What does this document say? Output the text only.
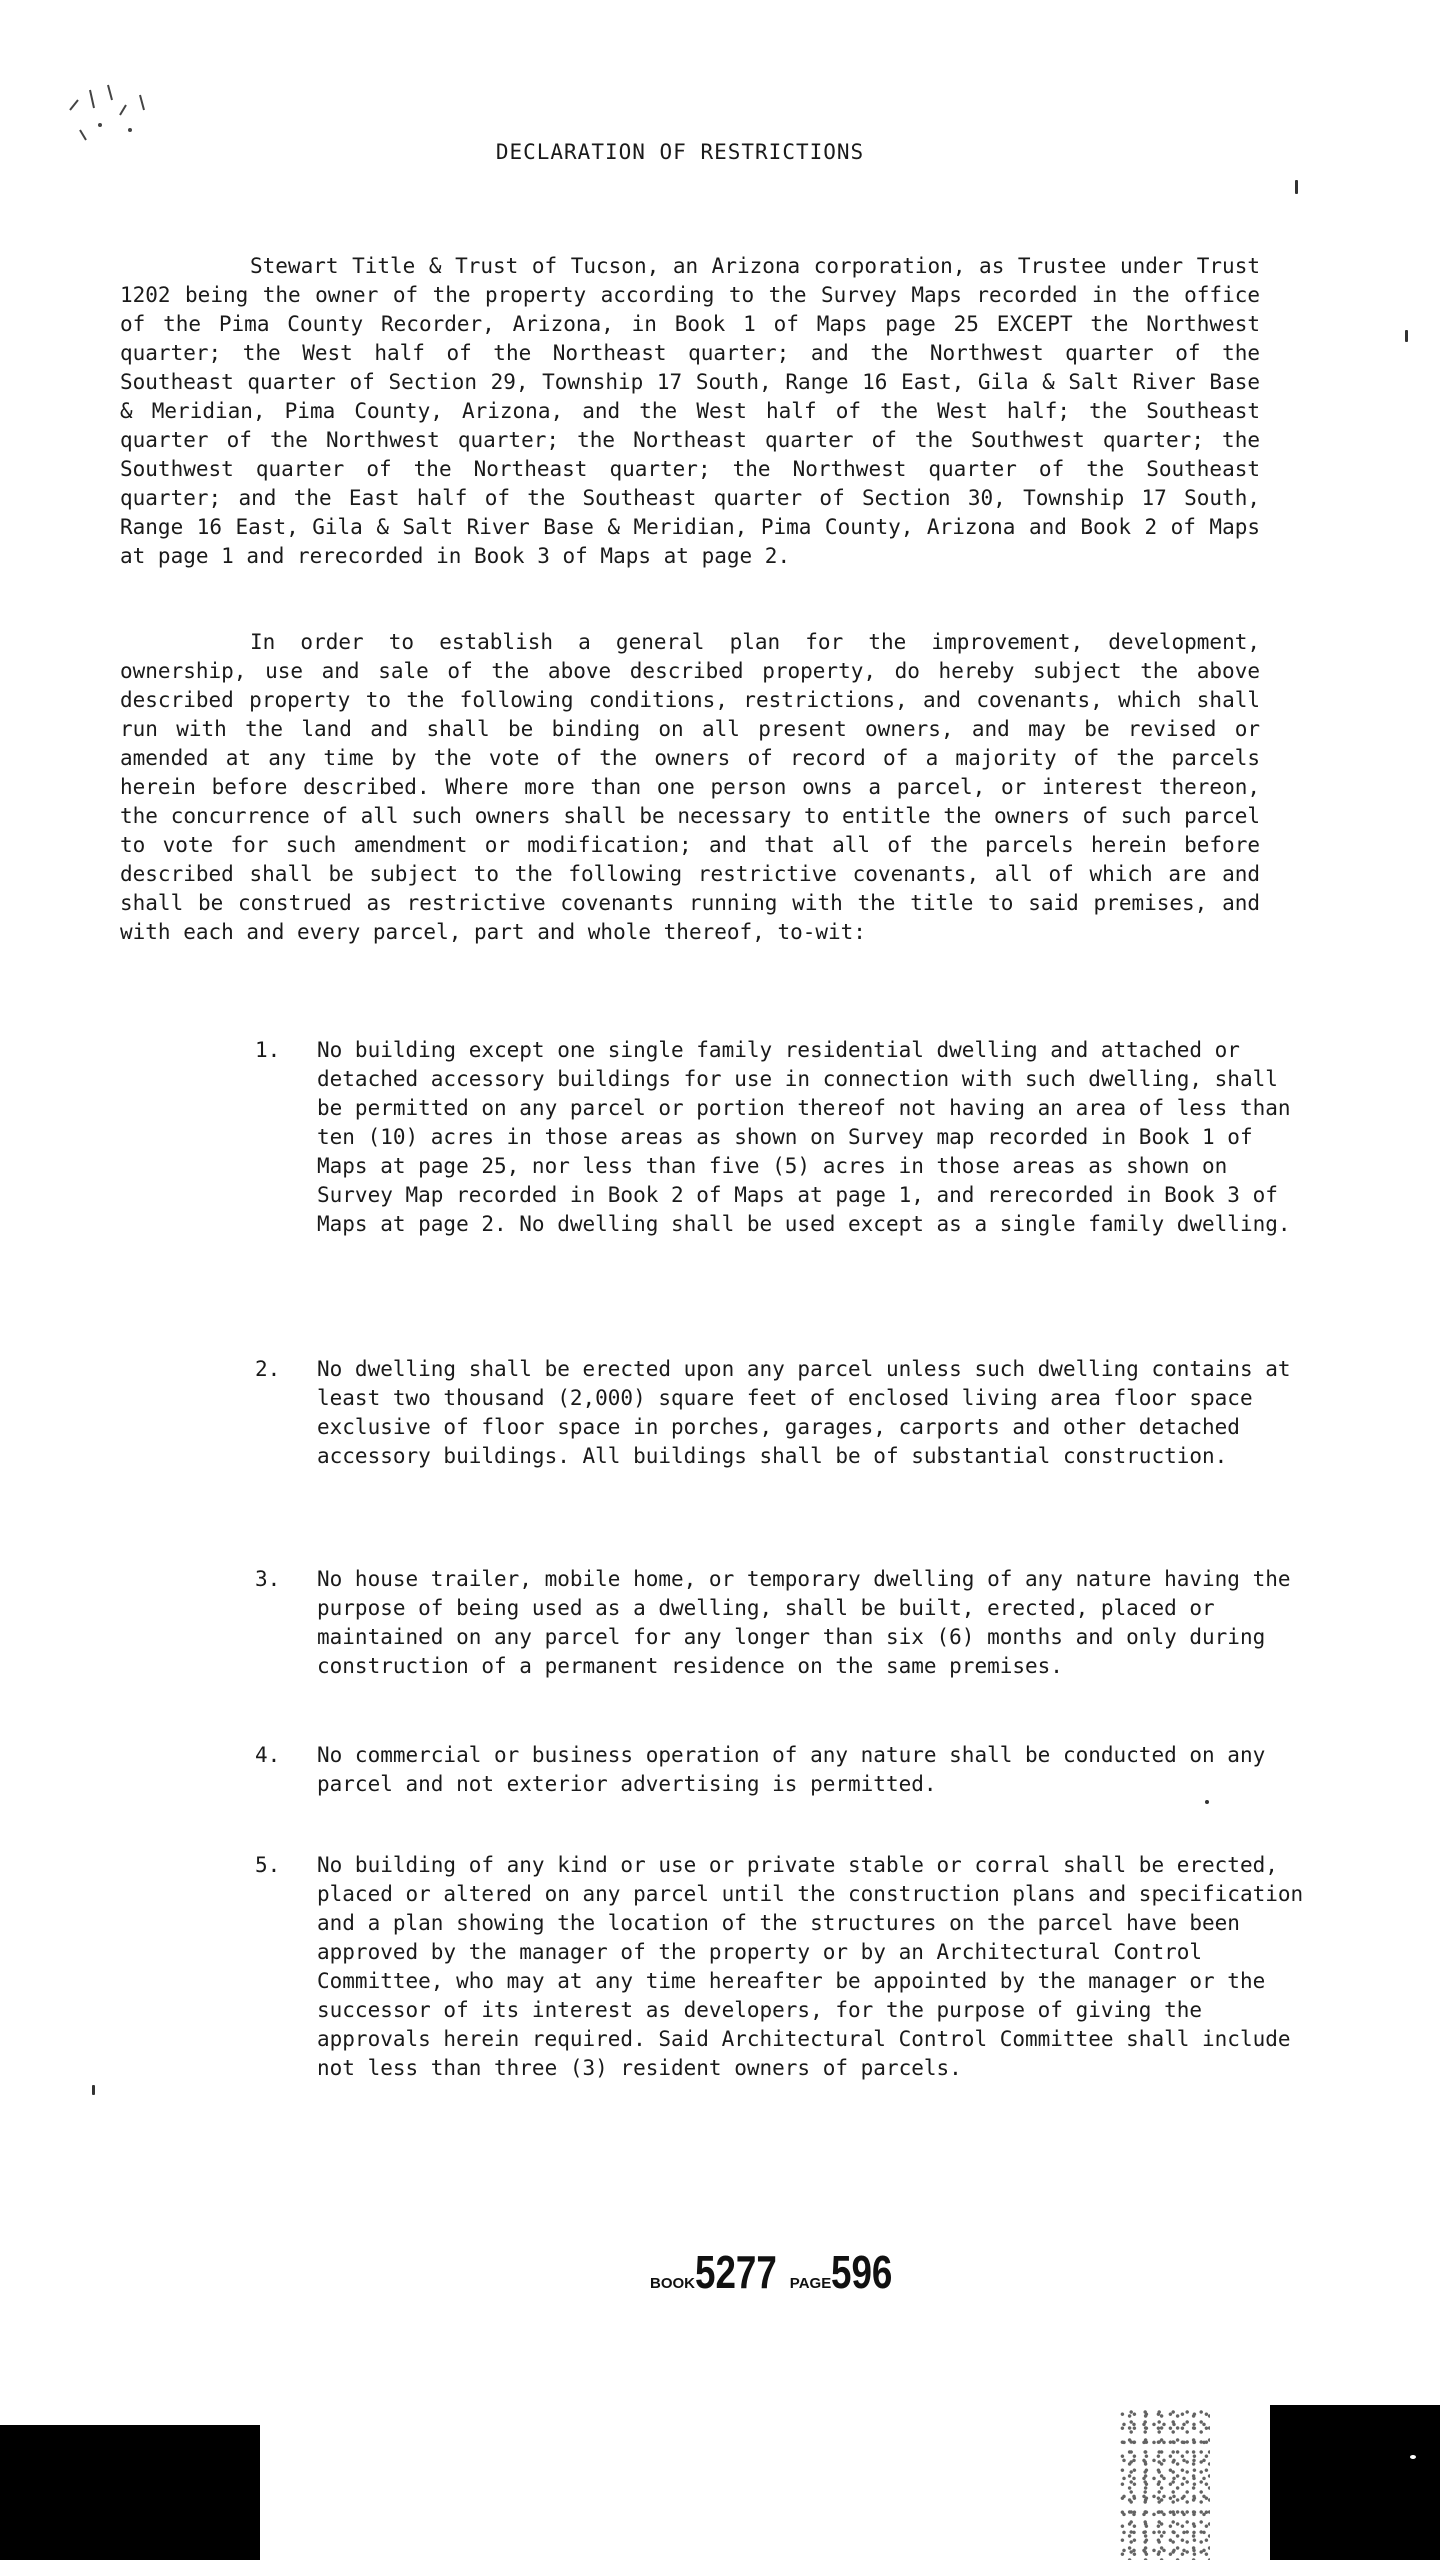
DECLARATION OF RESTRICTIONS
Stewart Title & Trust of Tucson, an Arizona corporation, as Trustee under Trust 1202 being the owner of the property according to the Survey Maps recorded in the office of the Pima County Recorder, Arizona, in Book 1 of Maps page 25 EXCEPT the Northwest quarter; the West half of the Northeast quarter; and the Northwest quarter of the Southeast quarter of Section 29, Township 17 South, Range 16 East, Gila & Salt River Base & Meridian, Pima County, Arizona, and the West half of the West half; the Southeast quarter of the Northwest quarter; the Northeast quarter of the Southwest quarter; the Southwest quarter of the Northeast quarter; the Northwest quarter of the Southeast quarter; and the East half of the Southeast quarter of Section 30, Township 17 South, Range 16 East, Gila & Salt River Base & Meridian, Pima County, Arizona and Book 2 of Maps at page 1 and rerecorded in Book 3 of Maps at page 2.
In order to establish a general plan for the improvement, development, ownership, use and sale of the above described property, do hereby subject the above described property to the following conditions, restrictions, and covenants, which shall run with the land and shall be binding on all present owners, and may be revised or amended at any time by the vote of the owners of record of a majority of the parcels herein before described. Where more than one person owns a parcel, or interest thereon, the concurrence of all such owners shall be necessary to entitle the owners of such parcel to vote for such amendment or modification; and that all of the parcels herein before described shall be subject to the following restrictive covenants, all of which are and shall be construed as restrictive covenants running with the title to said premises, and with each and every parcel, part and whole thereof, to-wit:
1.	No building except one single family residential dwelling and attached or detached accessory buildings for use in connection with such dwelling, shall be permitted on any parcel or portion thereof not having an area of less than ten (10) acres in those areas as shown on Survey map recorded in Book 1 of Maps at page 25, nor less than five (5) acres in those areas as shown on Survey Map recorded in Book 2 of Maps at page 1, and rerecorded in Book 3 of Maps at page 2. No dwelling shall be used except as a single family dwelling.
2.	No dwelling shall be erected upon any parcel unless such dwelling contains at least two thousand (2,000) square feet of enclosed living area floor space exclusive of floor space in porches, garages, carports and other detached accessory buildings. All buildings shall be of substantial construction.
3.	No house trailer, mobile home, or temporary dwelling of any nature having the purpose of being used as a dwelling, shall be built, erected, placed or maintained on any parcel for any longer than six (6) months and only during construction of a permanent residence on the same premises.
4.	No commercial or business operation of any nature shall be conducted on any parcel and not exterior advertising is permitted.
5.	No building of any kind or use or private stable or corral shall be erected, placed or altered on any parcel until the construction plans and specification and a plan showing the location of the structures on the parcel have been approved by the manager of the property or by an Architectural Control Committee, who may at any time hereafter be appointed by the manager or the successor of its interest as developers, for the purpose of giving the approvals herein required. Said Architectural Control Committee shall include not less than three (3) resident owners of parcels.
BOOK5277 PAGE596
